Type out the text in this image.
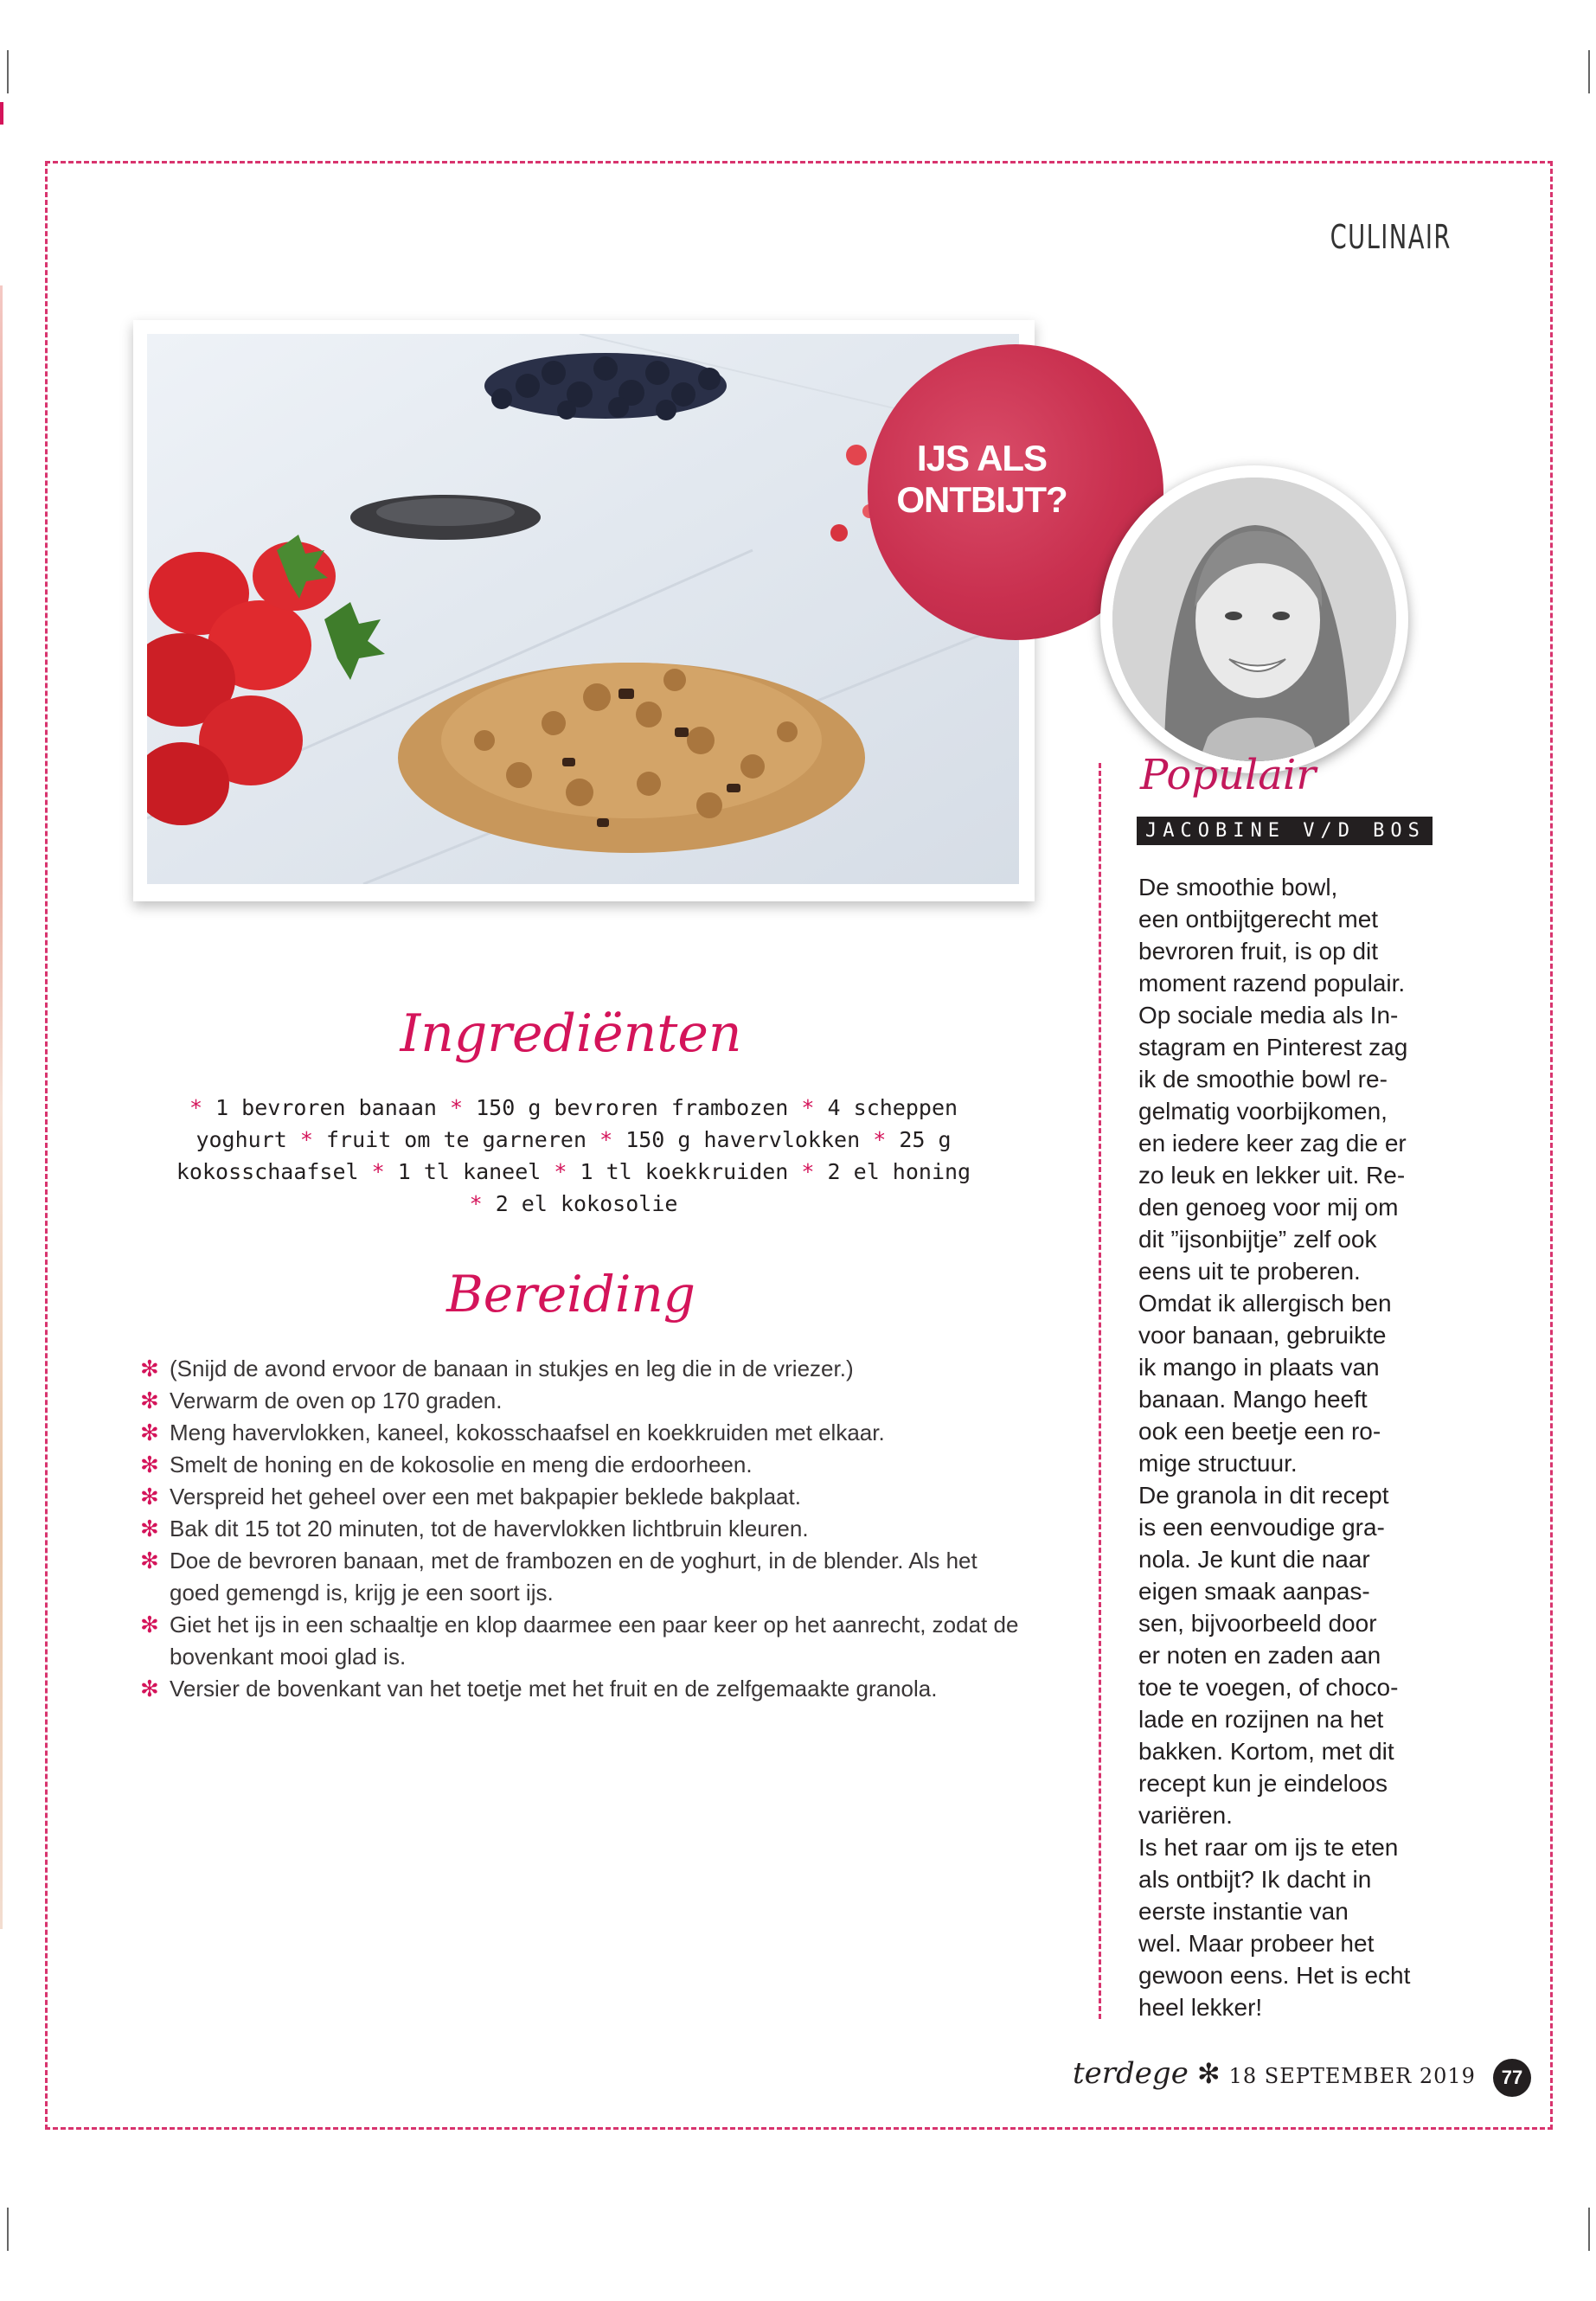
CULINAIR
IJS ALS
ONTBIJT?
Populair
JACOBINE V/D BOS
De smoothie bowl,
een ontbijtgerecht met
bevroren fruit, is op dit
moment razend populair.
Op sociale media als In-
stagram en Pinterest zag
ik de smoothie bowl re-
gelmatig voorbijkomen,
en iedere keer zag die er
zo leuk en lekker uit. Re-
den genoeg voor mij om
dit ”ijsonbijtje” zelf ook
eens uit te proberen.
Omdat ik allergisch ben
voor banaan, gebruikte
ik mango in plaats van
banaan. Mango heeft
ook een beetje een ro-
mige structuur.
De granola in dit recept
is een eenvoudige gra-
nola. Je kunt die naar
eigen smaak aanpas-
sen, bijvoorbeeld door
er noten en zaden aan
toe te voegen, of choco-
lade en rozijnen na het
bakken. Kortom, met dit
recept kun je eindeloos
variëren.
Is het raar om ijs te eten
als ontbijt? Ik dacht in
eerste instantie van
wel. Maar probeer het
gewoon eens. Het is echt
heel lekker!
Ingrediënten
* 1 bevroren banaan * 150 g bevroren frambozen * 4 scheppen
yoghurt * fruit om te garneren * 150 g havervlokken * 25 g
kokosschaafsel * 1 tl kaneel * 1 tl koekkruiden * 2 el honing
* 2 el kokosolie
Bereiding
✻ (Snijd de avond ervoor de banaan in stukjes en leg die in de vriezer.)
✻ Verwarm de oven op 170 graden.
✻ Meng havervlokken, kaneel, kokosschaafsel en koekkruiden met elkaar.
✻ Smelt de honing en de kokosolie en meng die erdoorheen.
✻ Verspreid het geheel over een met bakpapier beklede bakplaat.
✻ Bak dit 15 tot 20 minuten, tot de havervlokken lichtbruin kleuren.
✻ Doe de bevroren banaan, met de frambozen en de yoghurt, in de blender. Als het goed gemengd is, krijg je een soort ijs.
✻ Giet het ijs in een schaaltje en klop daarmee een paar keer op het aanrecht, zodat de bovenkant mooi glad is.
✻ Versier de bovenkant van het toetje met het fruit en de zelfgemaakte granola.
terdege ✻ 18 SEPTEMBER 2019	77
